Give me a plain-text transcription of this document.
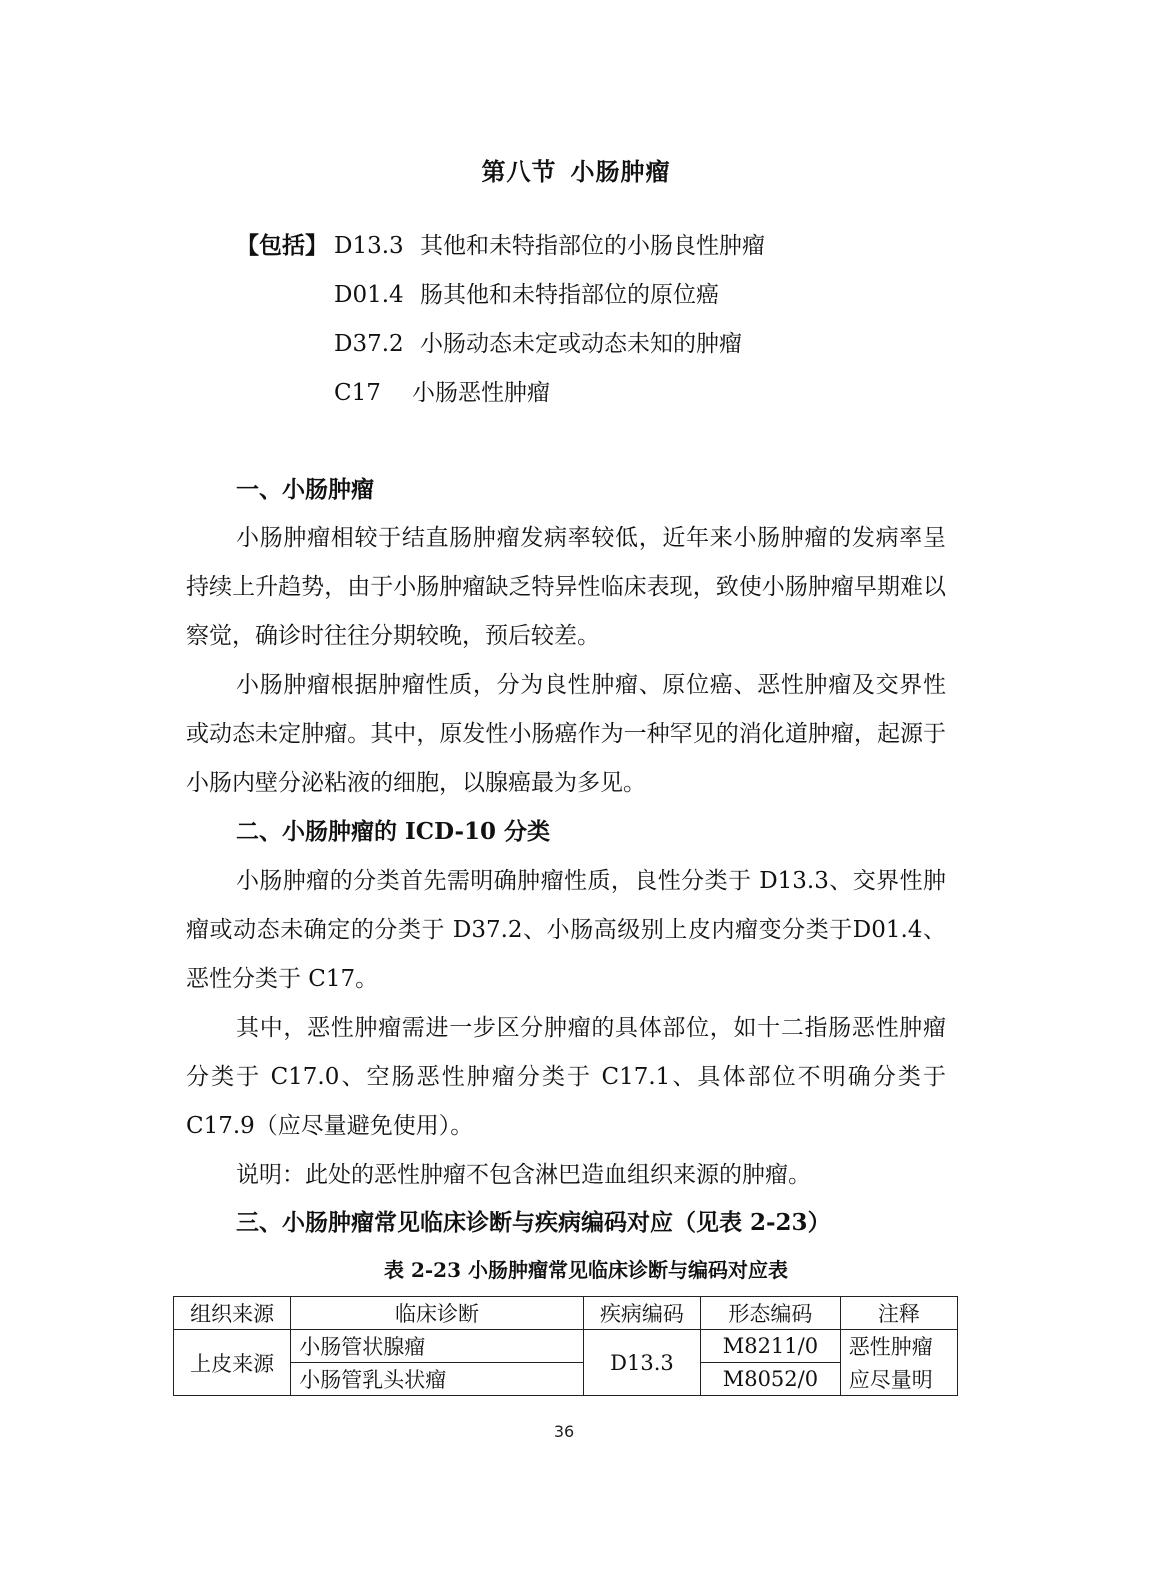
第八节 小肠肿瘤
【包括】 D13.3 其他和未特指部位的小肠良性肿瘤
D01.4 肠其他和未特指部位的原位癌
D37.2 小肠动态未定或动态未知的肿瘤
C17 小肠恶性肿瘤
一、小肠肿瘤

小肠肿瘤相较于结直肠肿瘤发病率较低，近年来小肠肿瘤的发病率呈持续上升趋势，由于小肠肿瘤缺乏特异性临床表现，致使小肠肿瘤早期难以察觉，确诊时往往分期较晚，预后较差。

小肠肿瘤根据肿瘤性质，分为良性肿瘤、原位癌、恶性肿瘤及交界性或动态未定肿瘤。其中，原发性小肠癌作为一种罕见的消化道肿瘤，起源于小肠内壁分泌粘液的细胞，以腺癌最为多见。

二、小肠肿瘤的 ICD-10 分类

小肠肿瘤的分类首先需明确肿瘤性质，良性分类于 D13.3、交界性肿瘤或动态未确定的分类于 D37.2、小肠高级别上皮内瘤变分类于D01.4、恶性分类于 C17。

其中，恶性肿瘤需进一步区分肿瘤的具体部位，如十二指肠恶性肿瘤分类于 C17.0、空肠恶性肿瘤分类于 C17.1、具体部位不明确分类于C17.9（应尽量避免使用）。

说明：此处的恶性肿瘤不包含淋巴造血组织来源的肿瘤。

三、小肠肿瘤常见临床诊断与疾病编码对应（见表 2-23）
表 2-23 小肠肿瘤常见临床诊断与编码对应表
组织来源	临床诊断	疾病编码	形态编码	注释
上皮来源	小肠管状腺瘤	D13.3	M8211/0	恶性肿瘤
	小肠管乳头状瘤		M8052/0	应尽量明
36
